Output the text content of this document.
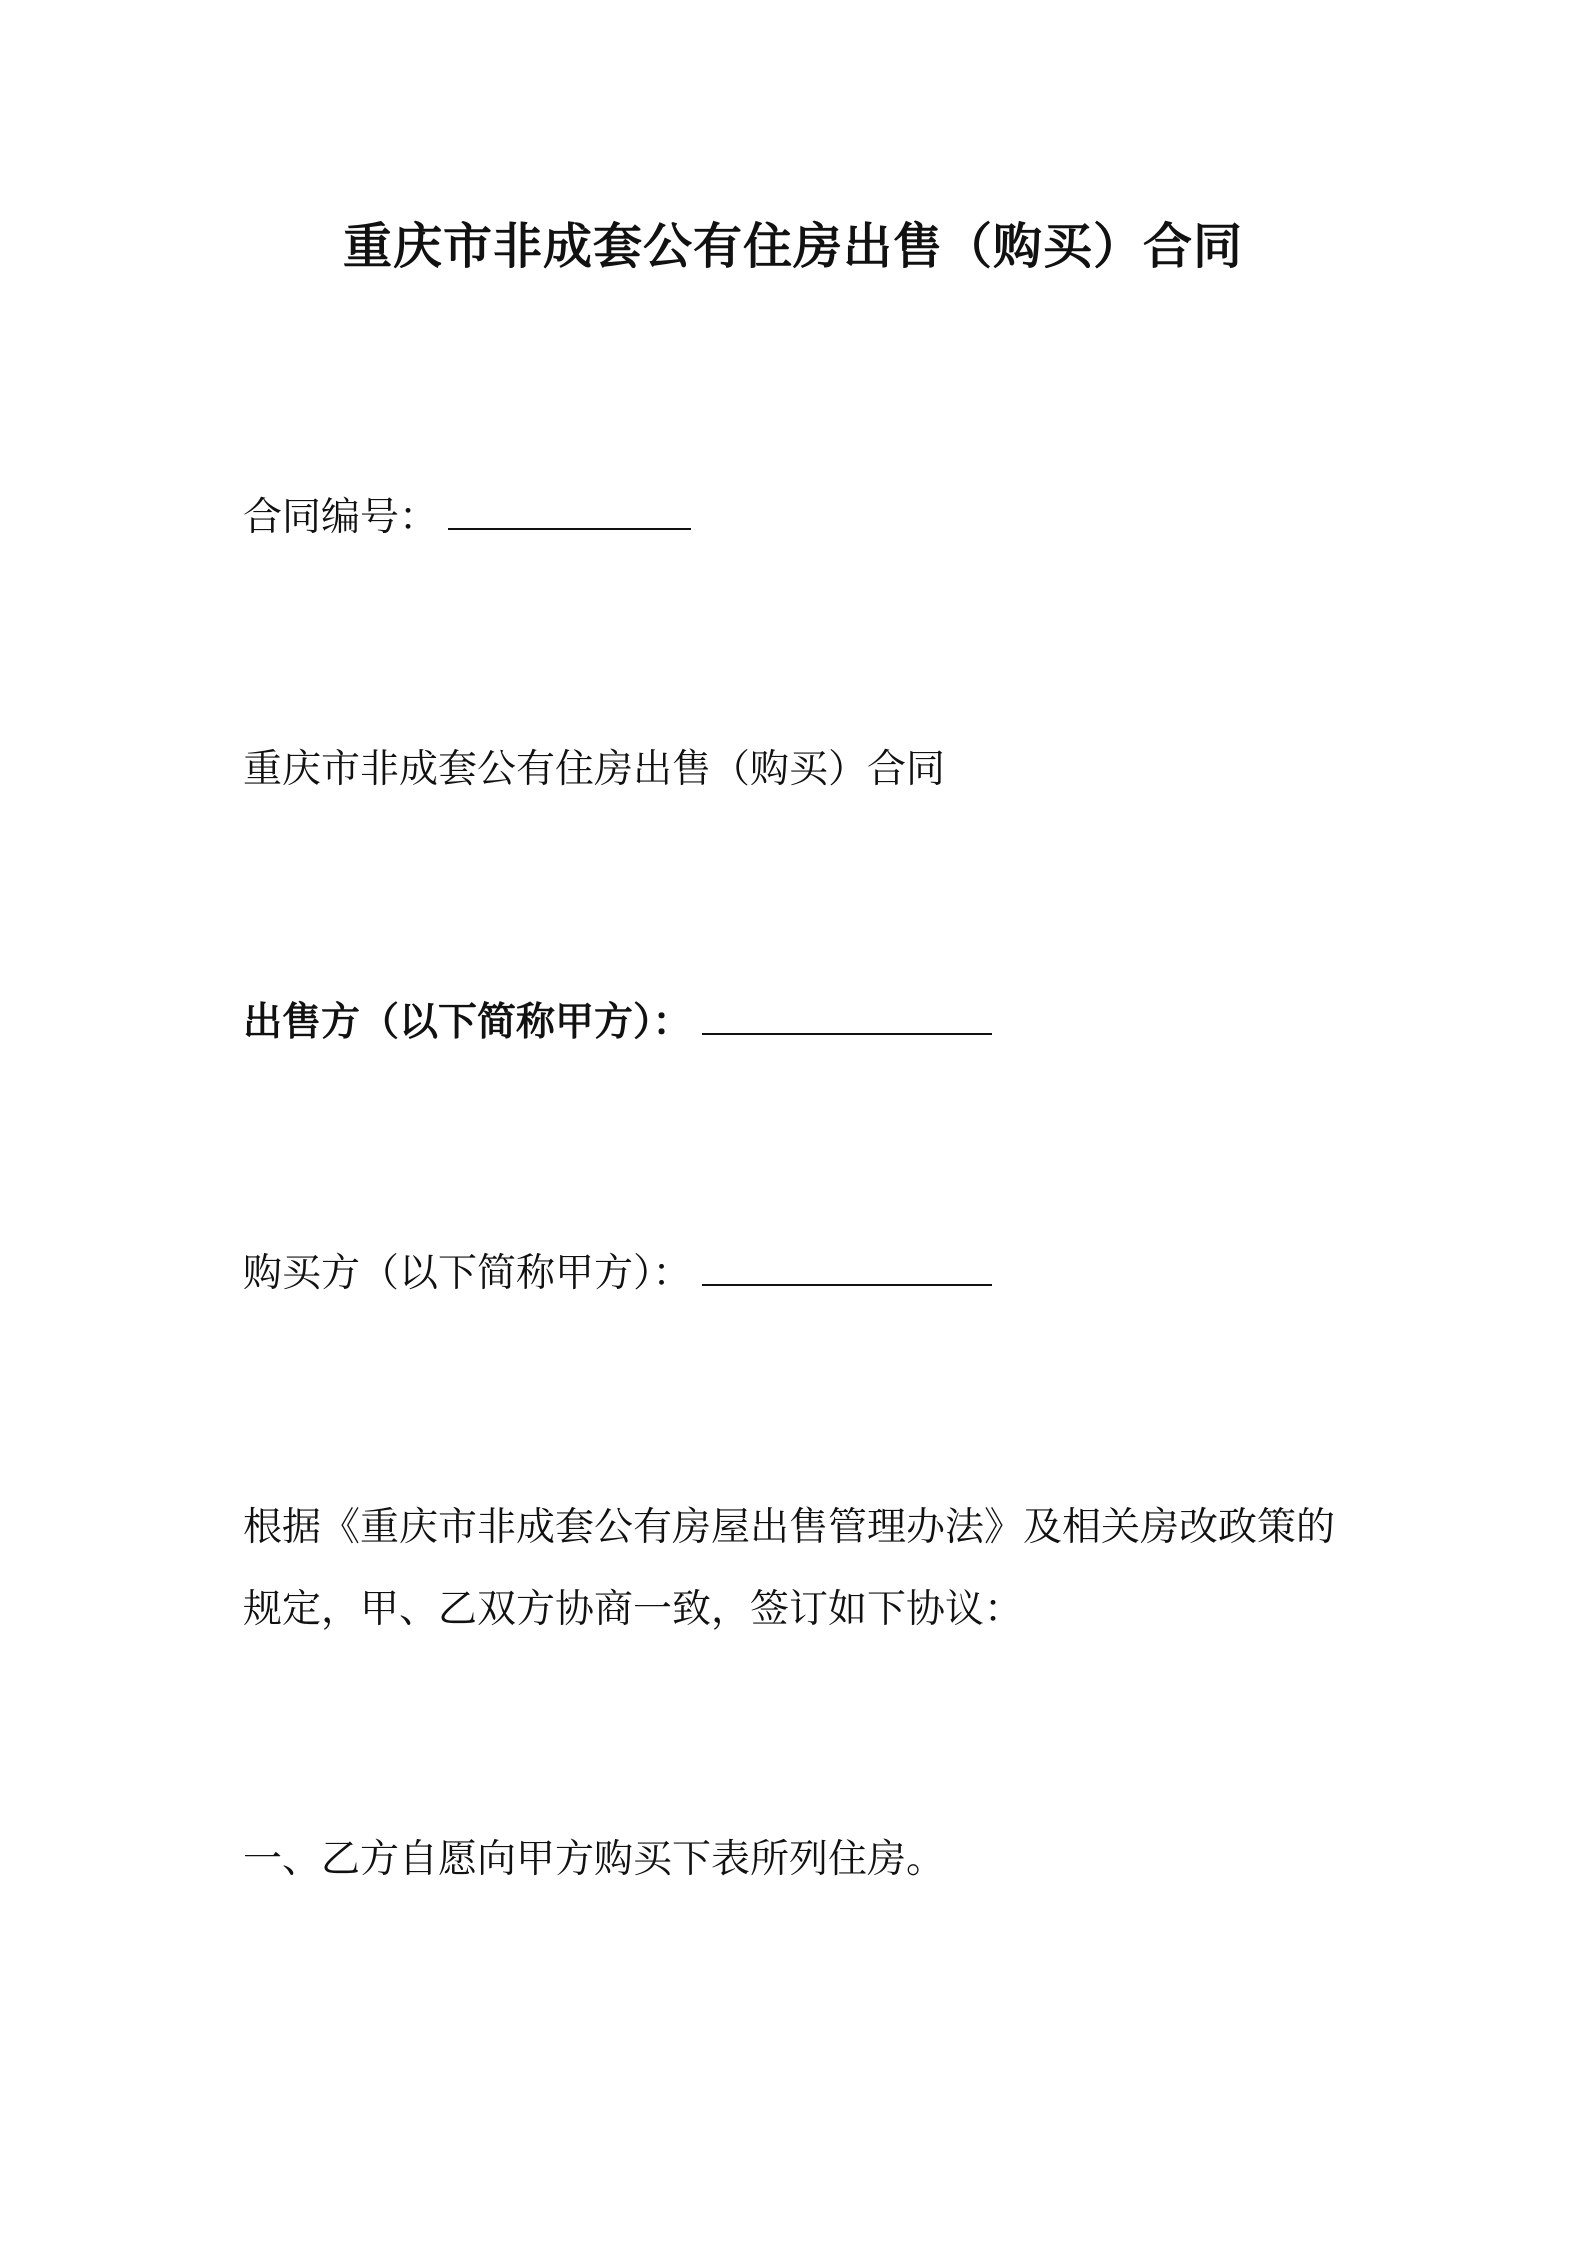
重庆市非成套公有住房出售（购买）合同
合同编号：
重庆市非成套公有住房出售（购买）合同
出售方（以下简称甲方）：
购买方（以下简称甲方）：
根据《重庆市非成套公有房屋出售管理办法》及相关房改政策的
规定，甲、乙双方协商一致，签订如下协议：
一、乙方自愿向甲方购买下表所列住房。
